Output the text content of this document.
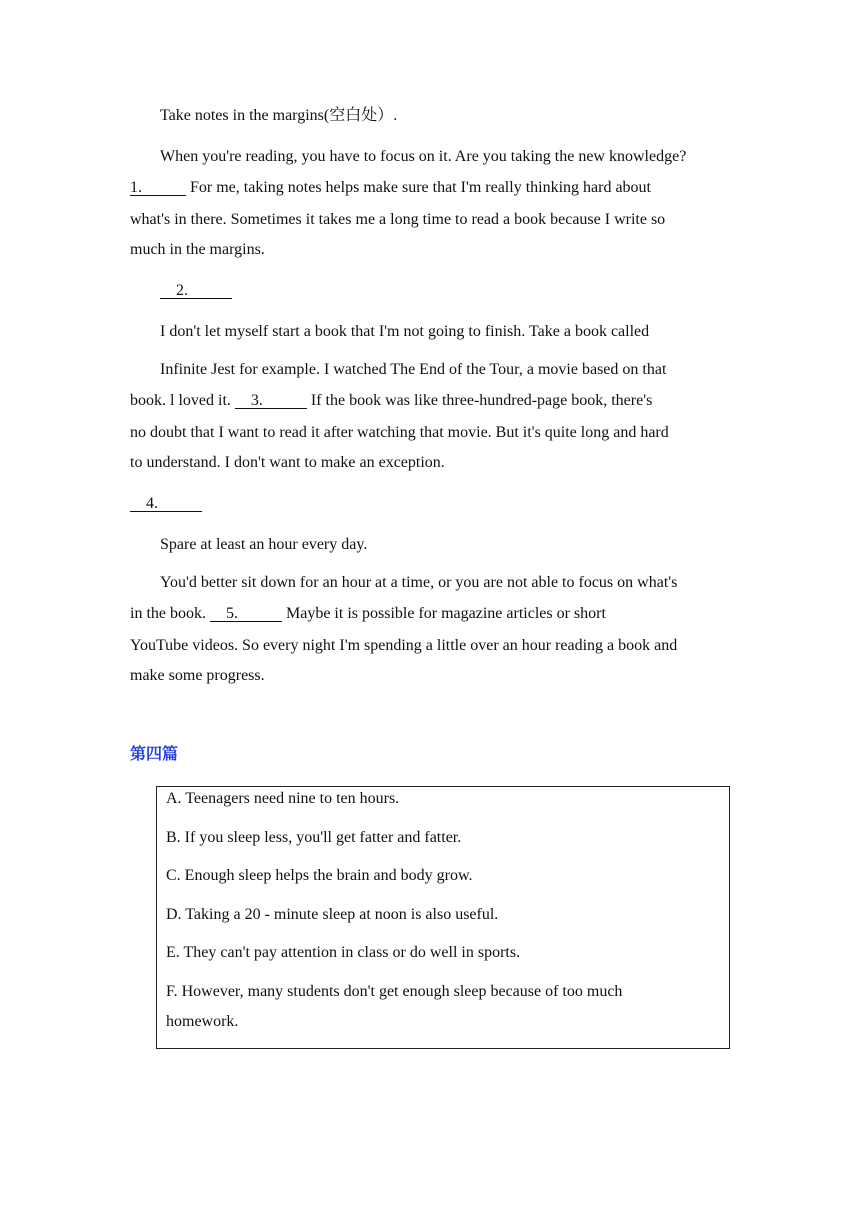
Take notes in the margins(空白处）.
When you're reading, you have to focus on it. Are you taking the new knowledge?
1.            For me, taking notes helps make sure that I'm really thinking hard about
what's in there. Sometimes it takes me a long time to read a book because I write so
much in the margins.
2.
I don't let myself start a book that I'm not going to finish. Take a book called
Infinite Jest for example. I watched The End of the Tour, a movie based on that
book. l loved it.     3.            If the book was like three-hundred-page book, there's
no doubt that I want to read it after watching that movie. But it's quite long and hard
to understand. I don't want to make an exception.
4.
Spare at least an hour every day.
You'd better sit down for an hour at a time, or you are not able to focus on what's
in the book.     5.            Maybe it is possible for magazine articles or short
YouTube videos. So every night I'm spending a little over an hour reading a book and
make some progress.
第四篇
A. Teenagers need nine to ten hours.
B. If you sleep less, you'll get fatter and fatter.
C. Enough sleep helps the brain and body grow.
D. Taking a 20 - minute sleep at noon is also useful.
E. They can't pay attention in class or do well in sports.
F. However, many students don't get enough sleep because of too much
homework.
